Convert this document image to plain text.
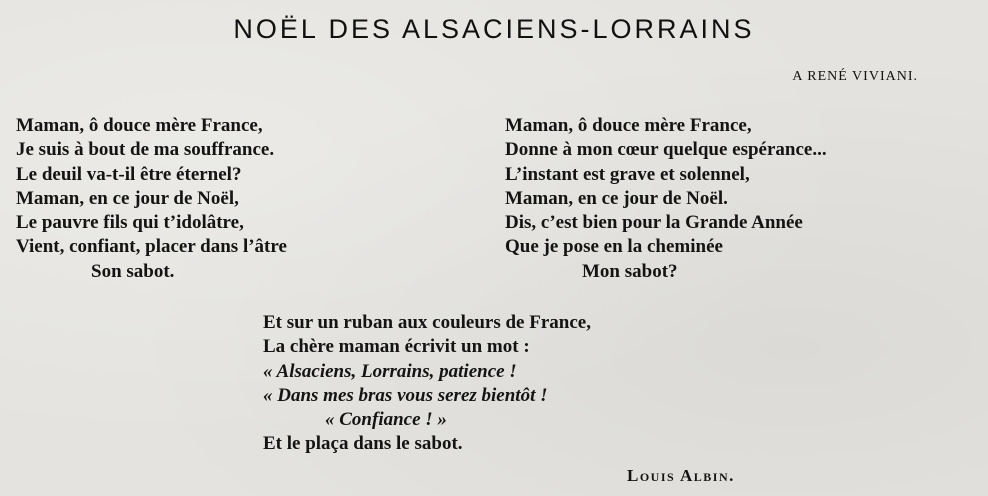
NOËL DES ALSACIENS-LORRAINS

A RENÉ VIVIANI.

Maman, ô douce mère France,
Je suis à bout de ma souffrance.
Le deuil va-t-il être éternel?
Maman, en ce jour de Noël,
Le pauvre fils qui t’idolâtre,
Vient, confiant, placer dans l’âtre
Son sabot.
Maman, ô douce mère France,
Donne à mon cœur quelque espérance...
L’instant est grave et solennel,
Maman, en ce jour de Noël.
Dis, c’est bien pour la Grande Année
Que je pose en la cheminée
Mon sabot?
Et sur un ruban aux couleurs de France,
La chère maman écrivit un mot :
« Alsaciens, Lorrains, patience !
« Dans mes bras vous serez bientôt !
« Confiance ! »
Et le plaça dans le sabot.

Louis Albin.
